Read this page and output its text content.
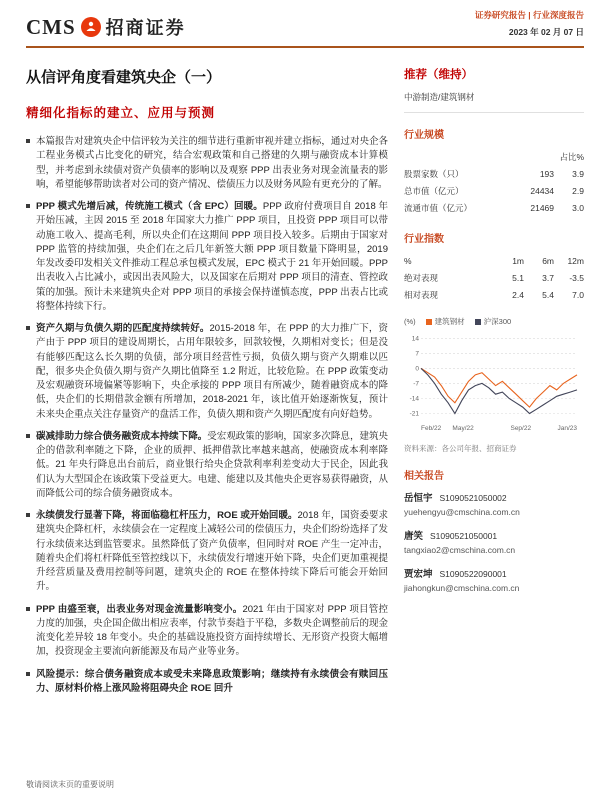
CMS 招商证券
证券研究报告 | 行业深度报告
2023 年 02 月 07 日
从信评角度看建筑央企（一）
精细化指标的建立、应用与预测

本篇报告对建筑央企中信评较为关注的细节进行重新审视并建立指标，通过对央企各工程业务模式占比变化的研究，结合宏观政策和自己搭建的久期与融资成本计算模型，并考虑到永续债对资产负债率的影响以及观察 PPP 出表业务对现金流量表的影响，希望能够帮助读者对公司的资产情况、偿债压力以及财务风险有更充分的了解。

PPP 模式先增后减，传统施工模式（含 EPC）回暖。PPP 政府付费项目自 2018 年开始压减，主因 2015 至 2018 年国家大力推广 PPP 项目，且投资 PPP 项目可以带动施工收入、提高毛利，所以央企们在这期间 PPP 项目投入较多。后期由于国家对 PPP 监管的持续加强，央企们在之后几年新签大额 PPP 项目数量下降明显，2019 年发改委印发相关文件推动工程总承包模式发展，EPC 模式于 21 年开始回暖。PPP 出表收入占比减小，或因出表风险大，以及国家在后期对 PPP 项目的清查、管控政策的加强。预计未来建筑央企对 PPP 项目的承接会保持谨慎态度，PPP 出表占比或将整体持续下行。

资产久期与负债久期的匹配度持续转好。2015-2018 年，在 PPP 的大力推广下，资产由于 PPP 项目的建设周期长，占用年限较多，回款较慢，久期相对变长；但是没有能够匹配这么长久期的负债，部分项目经营性亏损，负债久期与资产久期难以匹配，很多央企负债久期与资产久期比值降至 1.2 附近，比较危险。在 PPP 政策变动及宏观融资环境偏紧等影响下，央企承接的 PPP 项目有所减少，随着融资成本的降低，央企们的长期借款金额有所增加，2018-2021 年，该比值开始逐渐恢复，预计未来央企重点关注存量资产的盘活工作，负债久期和资产久期匹配度有向好趋势。

碳减排助力综合债务融资成本持续下降。受宏观政策的影响，国家多次降息，建筑央企的借款利率随之下降，企业的质押、抵押借款比率越来越高，使融资成本利率降低。21 年央行降息出台前后，商业银行给央企贷款利率利差变动大于民企，因此我们认为大型国企在该政策下受益更大。电建、能建以及其他央企更容易获得融资，从而降低公司的综合债务融资成本。

永续债发行显著下降，将面临稳杠杆压力，ROE 或开始回暖。2018 年，国资委要求建筑央企降杠杆，永续债会在一定程度上减轻公司的偿债压力，央企们纷纷选择了发行永续债来达到监管要求。虽然降低了资产负债率，但同时对 ROE 产生一定冲击，随着央企们将杠杆降低至管控线以下，永续债发行增速开始下降，央企们更加重视提升经营质量及费用控制等问题，建筑央企的 ROE 在整体持续下降后可能会开始回升。

PPP 由盛至衰，出表业务对现金流量影响变小。2021 年由于国家对 PPP 项目管控力度的加强，央企国企做出相应表率，付款节奏趋于平稳，多数央企调整前后的现金流变化差异较 18 年变小。央企的基础设施投资方面持续增长、无形资产投资大幅增加，投资现金主要流向新能源及布局产业等业务。

风险提示：综合债务融资成本或受未来降息政策影响；继续持有永续债会有赎回压力、原材料价格上涨风险将阻碍央企 ROE 回升

推荐（维持）
中游制造/建筑钢材
行业规模
占比%
股票家数（只）	193	3.9
总市值（亿元）	24434	2.9
流通市值（亿元）	21469	3.0
行业指数
%	1m	6m	12m
绝对表现	5.1	3.7	-3.5
相对表现	2.4	5.4	7.0
(%)	建筑钢材	沪深300
14
7
0
-7
-14
-21
Feb/22 May/22	Sep/22	Jan/23
资料来源：各公司年报、招商证券
相关报告
岳恒宇 S1090521050002
yuehengyu@cmschina.com.cn
唐笑 S1090521050001
tangxiao2@cmschina.com.cn
贾宏坤 S1090522090001
jiahongkun@cmschina.com.cn
敬请阅读末页的重要说明
